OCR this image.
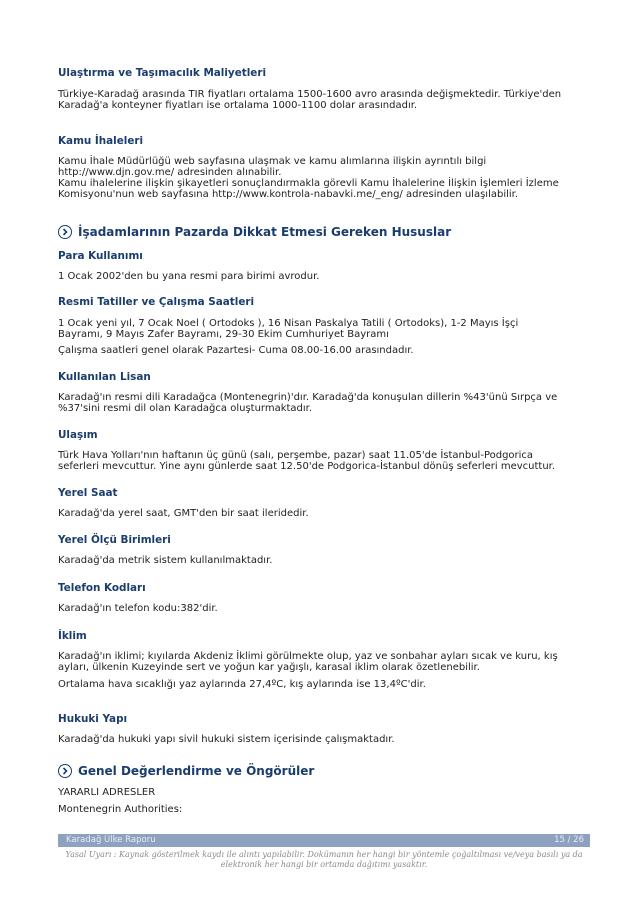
Ulaştırma ve Taşımacılık Maliyetleri
Türkiye-Karadağ arasında TIR fiyatları ortalama 1500-1600 avro arasında değişmektedir. Türkiye'den
Karadağ'a konteyner fiyatları ise ortalama 1000-1100 dolar arasındadır.
Kamu İhaleleri
Kamu İhale Müdürlüğü web sayfasına ulaşmak ve kamu alımlarına ilişkin ayrıntılı bilgi
http://www.djn.gov.me/ adresinden alınabilir.
Kamu ihalelerine ilişkin şikayetleri sonuçlandırmakla görevli Kamu İhalelerine İlişkin İşlemleri İzleme
Komisyonu'nun web sayfasına http://www.kontrola-nabavki.me/_eng/ adresinden ulaşılabilir.
İşadamlarının Pazarda Dikkat Etmesi Gereken Hususlar
Para Kullanımı
1 Ocak 2002'den bu yana resmi para birimi avrodur.
Resmi Tatiller ve Çalışma Saatleri
1 Ocak yeni yıl, 7 Ocak Noel ( Ortodoks ), 16 Nisan Paskalya Tatili ( Ortodoks), 1-2 Mayıs İşçi
Bayramı, 9 Mayıs Zafer Bayramı, 29-30 Ekim Cumhuriyet Bayramı
Çalışma saatleri genel olarak Pazartesi- Cuma 08.00-16.00 arasındadır.
Kullanılan Lisan
Karadağ'ın resmi dili Karadağca (Montenegrin)'dır. Karadağ'da konuşulan dillerin %43'ünü Sırpça ve
%37'sini resmi dil olan Karadağca oluşturmaktadır.
Ulaşım
Türk Hava Yolları'nın haftanın üç günü (salı, perşembe, pazar) saat 11.05'de İstanbul-Podgorica
seferleri mevcuttur. Yine aynı günlerde saat 12.50'de Podgorica-İstanbul dönüş seferleri mevcuttur.
Yerel Saat
Karadağ'da yerel saat, GMT'den bir saat ileridedir.
Yerel Ölçü Birimleri
Karadağ'da metrik sistem kullanılmaktadır.
Telefon Kodları
Karadağ'ın telefon kodu:382'dir.
İklim
Karadağ'ın iklimi; kıyılarda Akdeniz İklimi görülmekte olup, yaz ve sonbahar ayları sıcak ve kuru, kış
ayları, ülkenin Kuzeyinde sert ve yoğun kar yağışlı, karasal iklim olarak özetlenebilir.
Ortalama hava sıcaklığı yaz aylarında 27,4ºC, kış aylarında ise 13,4ºC'dir.
Hukuki Yapı
Karadağ'da hukuki yapı sivil hukuki sistem içerisinde çalışmaktadır.
Genel Değerlendirme ve Öngörüler
YARARLI ADRESLER
Montenegrin Authorities:
Karadağ Ülke Raporu	15 / 26
Yasal Uyarı : Kaynak gösterilmek kaydı ile alıntı yapılabilir. Dokümanın her hangi bir yöntemle çoğaltılması ve/veya basılı ya da elektronik her hangi bir ortamda dağıtımı yasaktır.
